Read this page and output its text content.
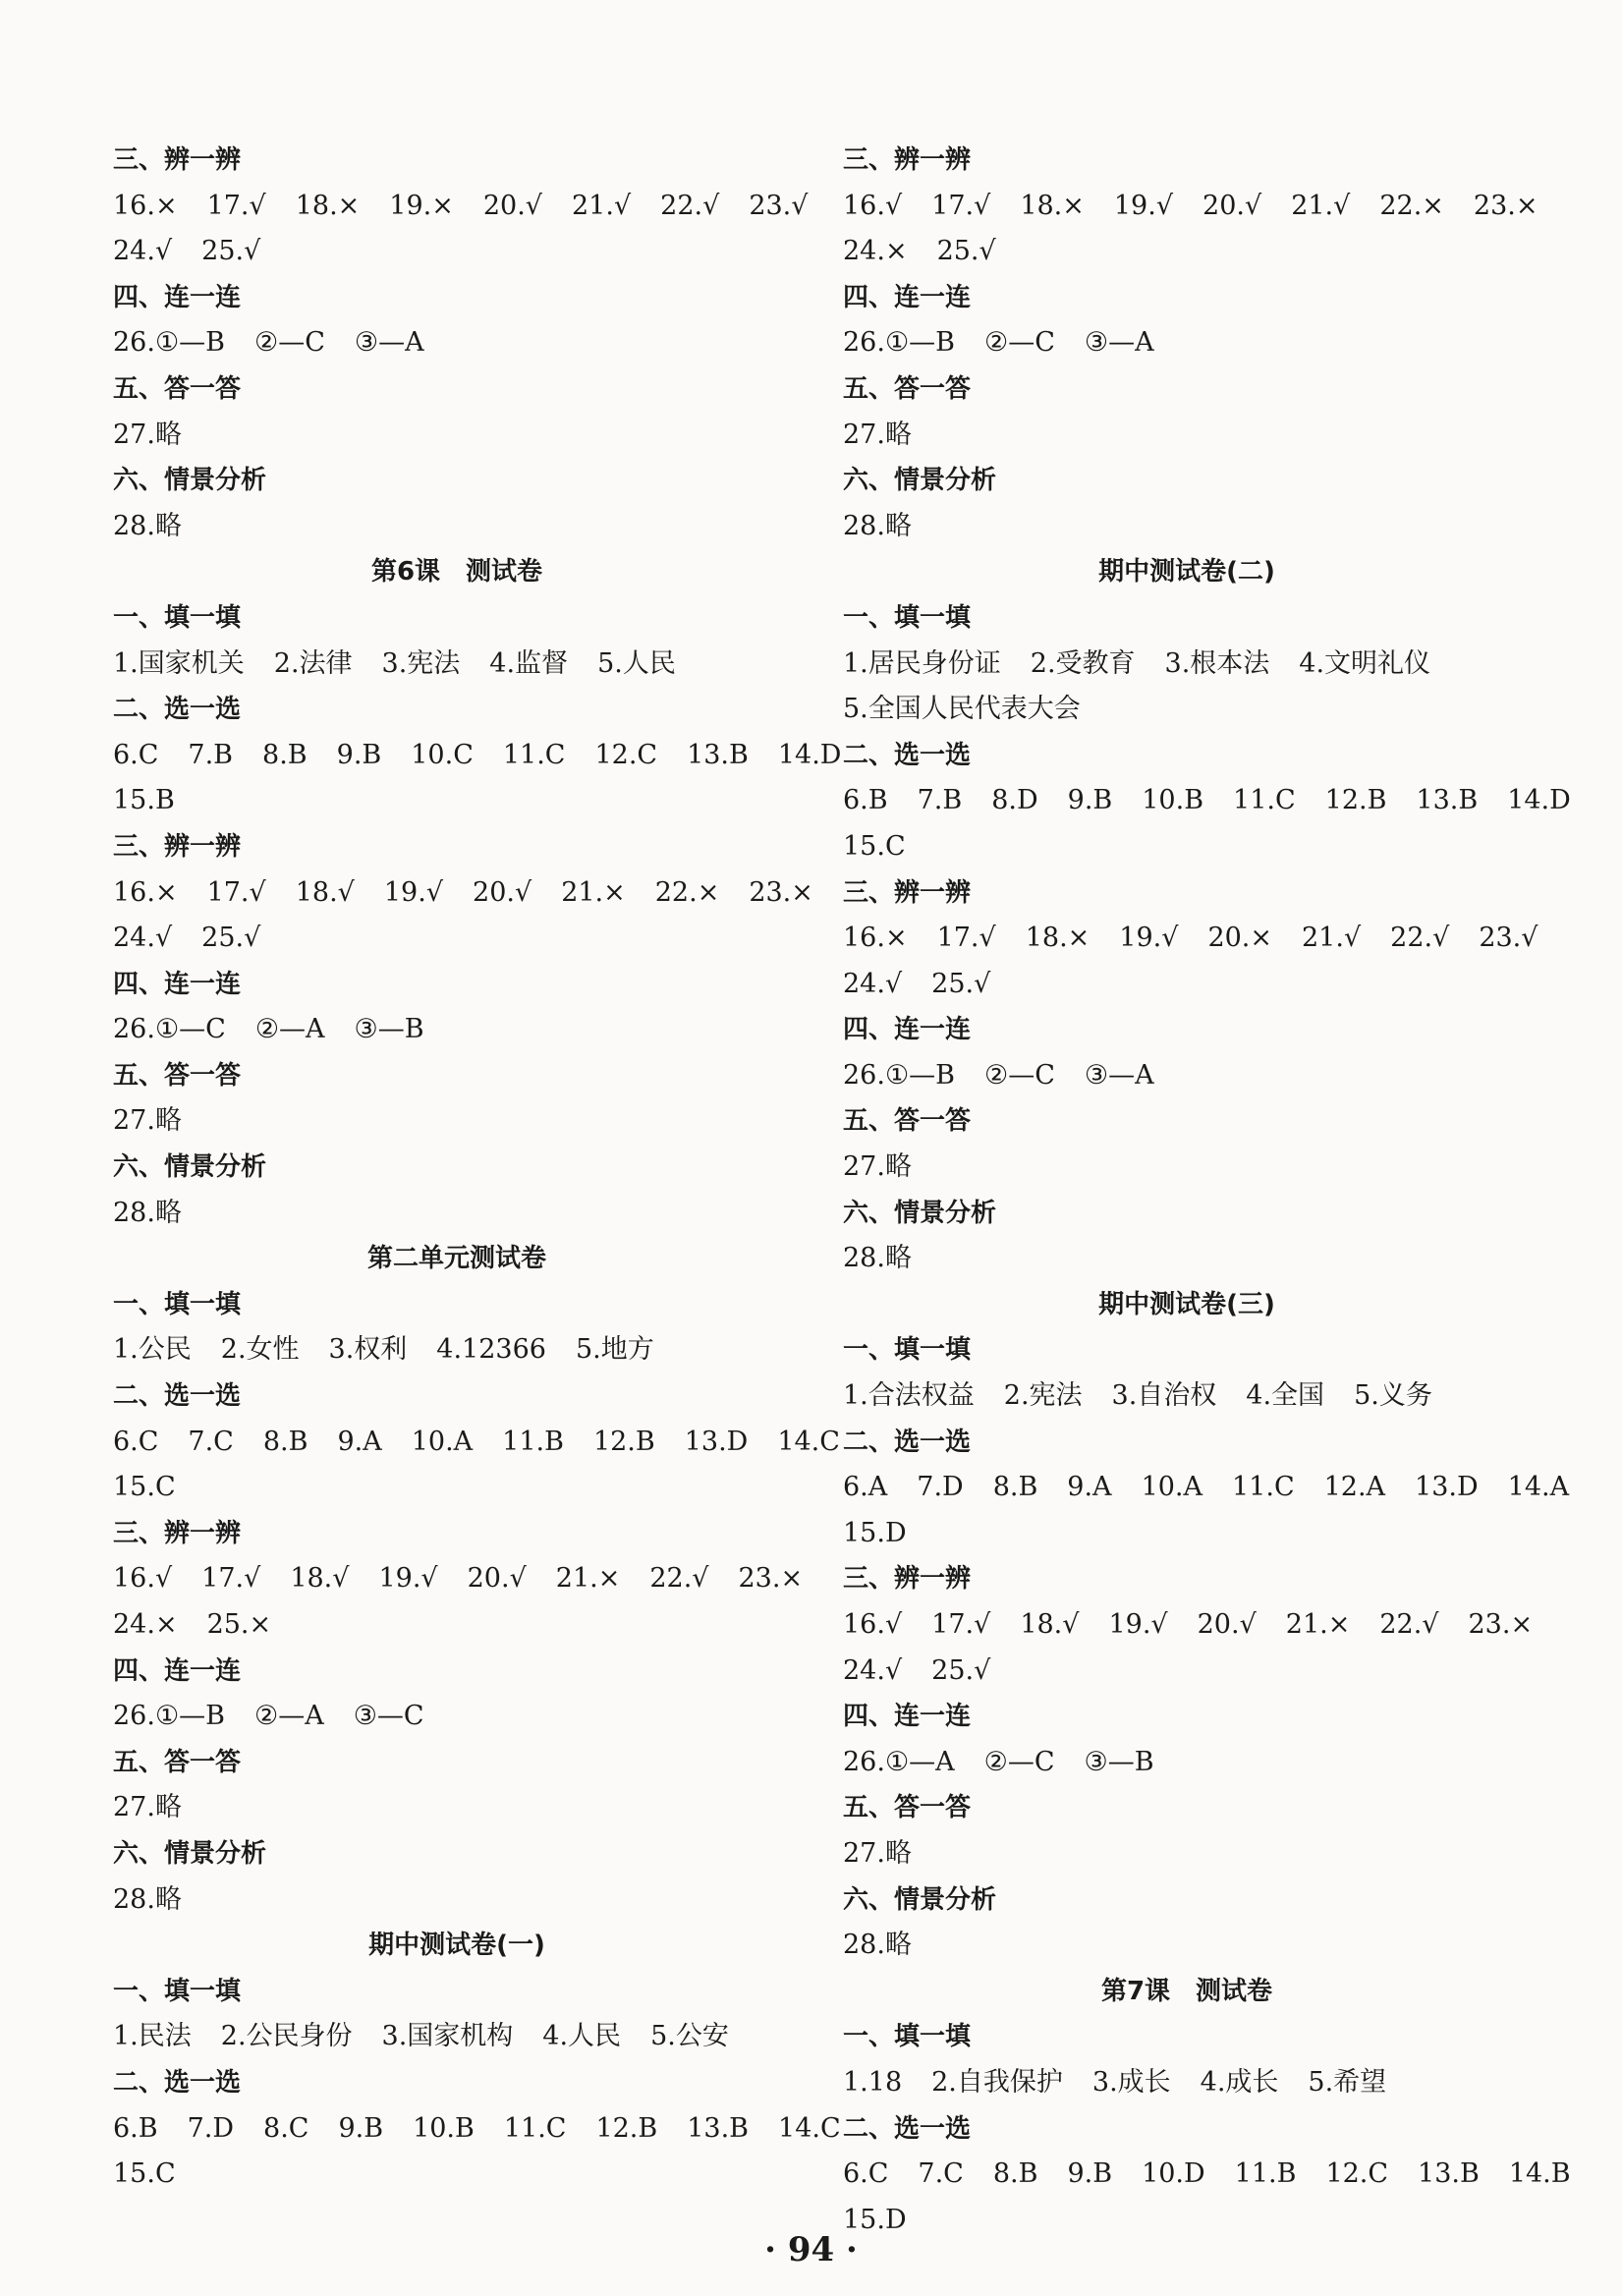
三、辨一辨
16.× 17.√ 18.× 19.× 20.√ 21.√ 22.√ 23.√
24.√ 25.√
四、连一连
26.①—B ②—C ③—A
五、答一答
27.略
六、情景分析
28.略
第6课　测试卷
一、填一填
1.国家机关 2.法律 3.宪法 4.监督 5.人民
二、选一选
6.C 7.B 8.B 9.B 10.C 11.C 12.C 13.B 14.D
15.B
三、辨一辨
16.× 17.√ 18.√ 19.√ 20.√ 21.× 22.× 23.×
24.√ 25.√
四、连一连
26.①—C ②—A ③—B
五、答一答
27.略
六、情景分析
28.略
第二单元测试卷
一、填一填
1.公民 2.女性 3.权利 4.12366 5.地方
二、选一选
6.C 7.C 8.B 9.A 10.A 11.B 12.B 13.D 14.C
15.C
三、辨一辨
16.√ 17.√ 18.√ 19.√ 20.√ 21.× 22.√ 23.×
24.× 25.×
四、连一连
26.①—B ②—A ③—C
五、答一答
27.略
六、情景分析
28.略
期中测试卷(一)
一、填一填
1.民法 2.公民身份 3.国家机构 4.人民 5.公安
二、选一选
6.B 7.D 8.C 9.B 10.B 11.C 12.B 13.B 14.C
15.C
三、辨一辨
16.√ 17.√ 18.× 19.√ 20.√ 21.√ 22.× 23.×
24.× 25.√
四、连一连
26.①—B ②—C ③—A
五、答一答
27.略
六、情景分析
28.略
期中测试卷(二)
一、填一填
1.居民身份证 2.受教育 3.根本法 4.文明礼仪
5.全国人民代表大会
二、选一选
6.B 7.B 8.D 9.B 10.B 11.C 12.B 13.B 14.D
15.C
三、辨一辨
16.× 17.√ 18.× 19.√ 20.× 21.√ 22.√ 23.√
24.√ 25.√
四、连一连
26.①—B ②—C ③—A
五、答一答
27.略
六、情景分析
28.略
期中测试卷(三)
一、填一填
1.合法权益 2.宪法 3.自治权 4.全国 5.义务
二、选一选
6.A 7.D 8.B 9.A 10.A 11.C 12.A 13.D 14.A
15.D
三、辨一辨
16.√ 17.√ 18.√ 19.√ 20.√ 21.× 22.√ 23.×
24.√ 25.√
四、连一连
26.①—A ②—C ③—B
五、答一答
27.略
六、情景分析
28.略
第7课　测试卷
一、填一填
1.18 2.自我保护 3.成长 4.成长 5.希望
二、选一选
6.C 7.C 8.B 9.B 10.D 11.B 12.C 13.B 14.B
15.D
· 94 ·
